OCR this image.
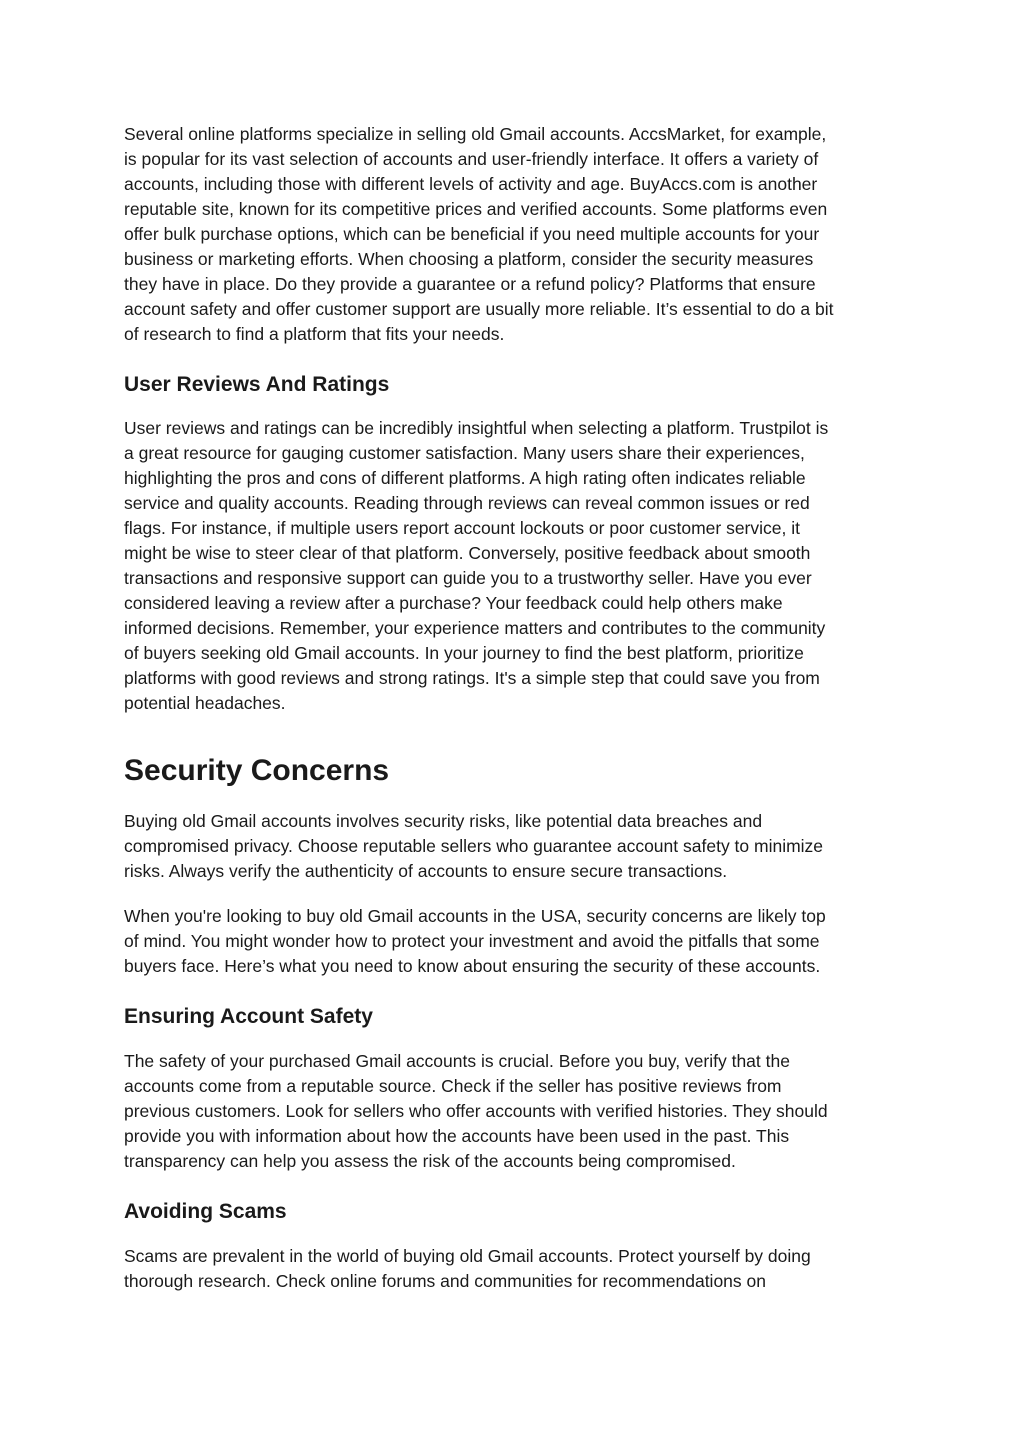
Several online platforms specialize in selling old Gmail accounts. AccsMarket, for example,
is popular for its vast selection of accounts and user-friendly interface. It offers a variety of
accounts, including those with different levels of activity and age. BuyAccs.com is another
reputable site, known for its competitive prices and verified accounts. Some platforms even
offer bulk purchase options, which can be beneficial if you need multiple accounts for your
business or marketing efforts. When choosing a platform, consider the security measures
they have in place. Do they provide a guarantee or a refund policy? Platforms that ensure
account safety and offer customer support are usually more reliable. It’s essential to do a bit
of research to find a platform that fits your needs.

User Reviews And Ratings

User reviews and ratings can be incredibly insightful when selecting a platform. Trustpilot is
a great resource for gauging customer satisfaction. Many users share their experiences,
highlighting the pros and cons of different platforms. A high rating often indicates reliable
service and quality accounts. Reading through reviews can reveal common issues or red
flags. For instance, if multiple users report account lockouts or poor customer service, it
might be wise to steer clear of that platform. Conversely, positive feedback about smooth
transactions and responsive support can guide you to a trustworthy seller. Have you ever
considered leaving a review after a purchase? Your feedback could help others make
informed decisions. Remember, your experience matters and contributes to the community
of buyers seeking old Gmail accounts. In your journey to find the best platform, prioritize
platforms with good reviews and strong ratings. It's a simple step that could save you from
potential headaches.

Security Concerns

Buying old Gmail accounts involves security risks, like potential data breaches and
compromised privacy. Choose reputable sellers who guarantee account safety to minimize
risks. Always verify the authenticity of accounts to ensure secure transactions.

When you're looking to buy old Gmail accounts in the USA, security concerns are likely top
of mind. You might wonder how to protect your investment and avoid the pitfalls that some
buyers face. Here’s what you need to know about ensuring the security of these accounts.

Ensuring Account Safety

The safety of your purchased Gmail accounts is crucial. Before you buy, verify that the
accounts come from a reputable source. Check if the seller has positive reviews from
previous customers. Look for sellers who offer accounts with verified histories. They should
provide you with information about how the accounts have been used in the past. This
transparency can help you assess the risk of the accounts being compromised.

Avoiding Scams

Scams are prevalent in the world of buying old Gmail accounts. Protect yourself by doing
thorough research. Check online forums and communities for recommendations on
